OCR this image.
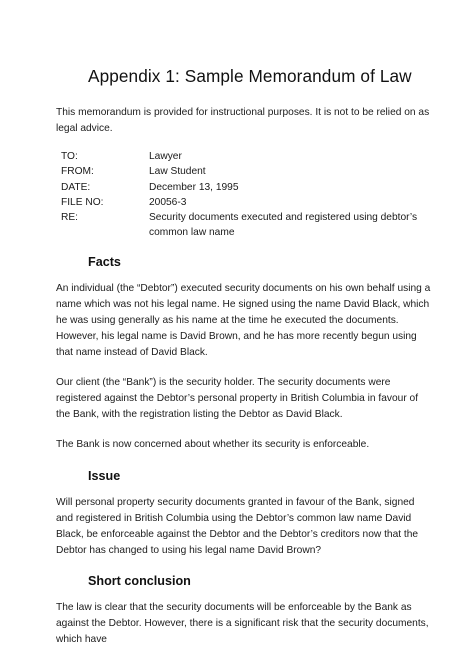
Appendix 1: Sample Memorandum of Law

This memorandum is provided for instructional purposes. It is not to be relied on as legal advice.

TO:	Lawyer
FROM:	Law Student
DATE:	December 13, 1995
FILE NO:	20056-3
RE:	Security documents executed and registered using debtor’s common law name
Facts

An individual (the “Debtor”) executed security documents on his own behalf using a name which was not his legal name. He signed using the name David Black, which he was using generally as his name at the time he executed the documents. However, his legal name is David Brown, and he has more recently begun using that name instead of David Black.

Our client (the “Bank”) is the security holder. The security documents were registered against the Debtor’s personal property in British Columbia in favour of the Bank, with the registration listing the Debtor as David Black.

The Bank is now concerned about whether its security is enforceable.

Issue

Will personal property security documents granted in favour of the Bank, signed and registered in British Columbia using the Debtor’s common law name David Black, be enforceable against the Debtor and the Debtor’s creditors now that the Debtor has changed to using his legal name David Brown?

Short conclusion

The law is clear that the security documents will be enforceable by the Bank as against the Debtor. However, there is a significant risk that the security documents, which have
